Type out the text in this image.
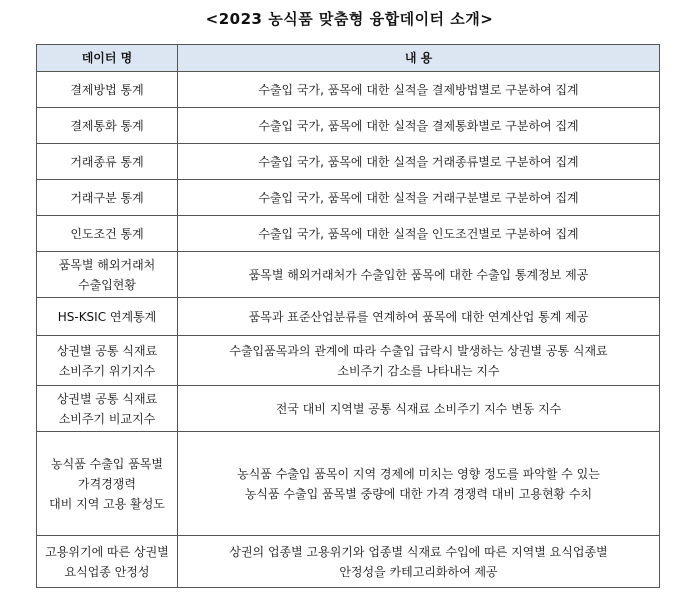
<2023 농식품 맞춤형 융합데이터 소개>
데이터 명	내 용

결제방법 통계	수출입 국가, 품목에 대한 실적을 결제방법별로 구분하여 집계

결제통화 통계	수출입 국가, 품목에 대한 실적을 결제통화별로 구분하여 집계

거래종류 통계	수출입 국가, 품목에 대한 실적을 거래종류별로 구분하여 집계

거래구분 통계	수출입 국가, 품목에 대한 실적을 거래구분별로 구분하여 집계

인도조건 통계	수출입 국가, 품목에 대한 실적을 인도조건별로 구분하여 집계

품목별 해외거래처
수출입현황	품목별 해외거래처가 수출입한 품목에 대한 수출입 통계정보 제공

HS-KSIC 연계통계	품목과 표준산업분류를 연계하여 품목에 대한 연계산업 통계 제공

상권별 공통 식재료
소비주기 위기지수	수출입품목과의 관계에 따라 수출입 급락시 발생하는 상권별 공통 식재료
소비주기 감소를 나타내는 지수

상권별 공통 식재료
소비주기 비교지수	전국 대비 지역별 공통 식재료 소비주기 지수 변동 지수

농식품 수출입 품목별
가격경쟁력
대비 지역 고용 활성도	농식품 수출입 품목이 지역 경제에 미치는 영향 정도를 파악할 수 있는
농식품 수출입 품목별 중량에 대한 가격 경쟁력 대비 고용현황 수치

고용위기에 따른 상권별
요식업종 안정성	상권의 업종별 고용위기와 업종별 식재료 수입에 따른 지역별 요식업종별
안정성을 카테고리화하여 제공
